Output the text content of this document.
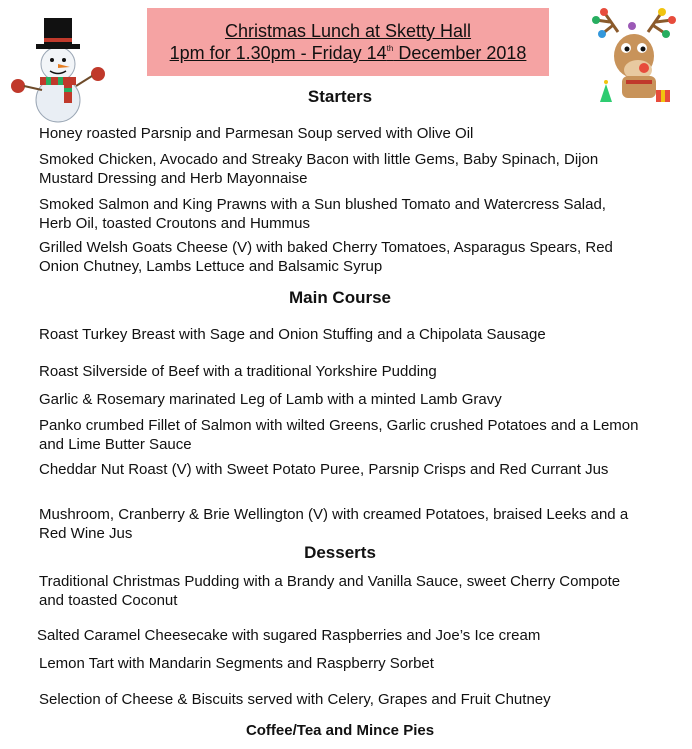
Christmas Lunch at Sketty Hall
1pm for 1.30pm - Friday 14th December 2018
Starters
Honey roasted Parsnip and Parmesan Soup served with Olive Oil
Smoked Chicken, Avocado and Streaky Bacon with little Gems, Baby Spinach, Dijon Mustard Dressing and Herb Mayonnaise
Smoked Salmon and King Prawns with a Sun blushed Tomato and Watercress Salad, Herb Oil, toasted Croutons and Hummus
Grilled Welsh Goats Cheese (V) with baked Cherry Tomatoes, Asparagus Spears, Red Onion Chutney, Lambs Lettuce and Balsamic Syrup
Main Course
Roast Turkey Breast with Sage and Onion Stuffing and a Chipolata Sausage
Roast Silverside of Beef with a traditional Yorkshire Pudding
Garlic & Rosemary marinated Leg of Lamb with a minted Lamb Gravy
Panko crumbed Fillet of Salmon with wilted Greens, Garlic crushed Potatoes and a Lemon and Lime Butter Sauce
Cheddar Nut Roast (V) with Sweet Potato Puree, Parsnip Crisps and Red Currant Jus
Mushroom, Cranberry & Brie Wellington (V) with creamed Potatoes, braised Leeks and a Red Wine Jus
Desserts
Traditional Christmas Pudding with a Brandy and Vanilla Sauce, sweet Cherry Compote and toasted Coconut
Salted Caramel Cheesecake with sugared Raspberries and Joe’s Ice cream
Lemon Tart with Mandarin Segments and Raspberry Sorbet
Selection of Cheese & Biscuits served with Celery, Grapes and Fruit Chutney
Coffee/Tea and Mince Pies
